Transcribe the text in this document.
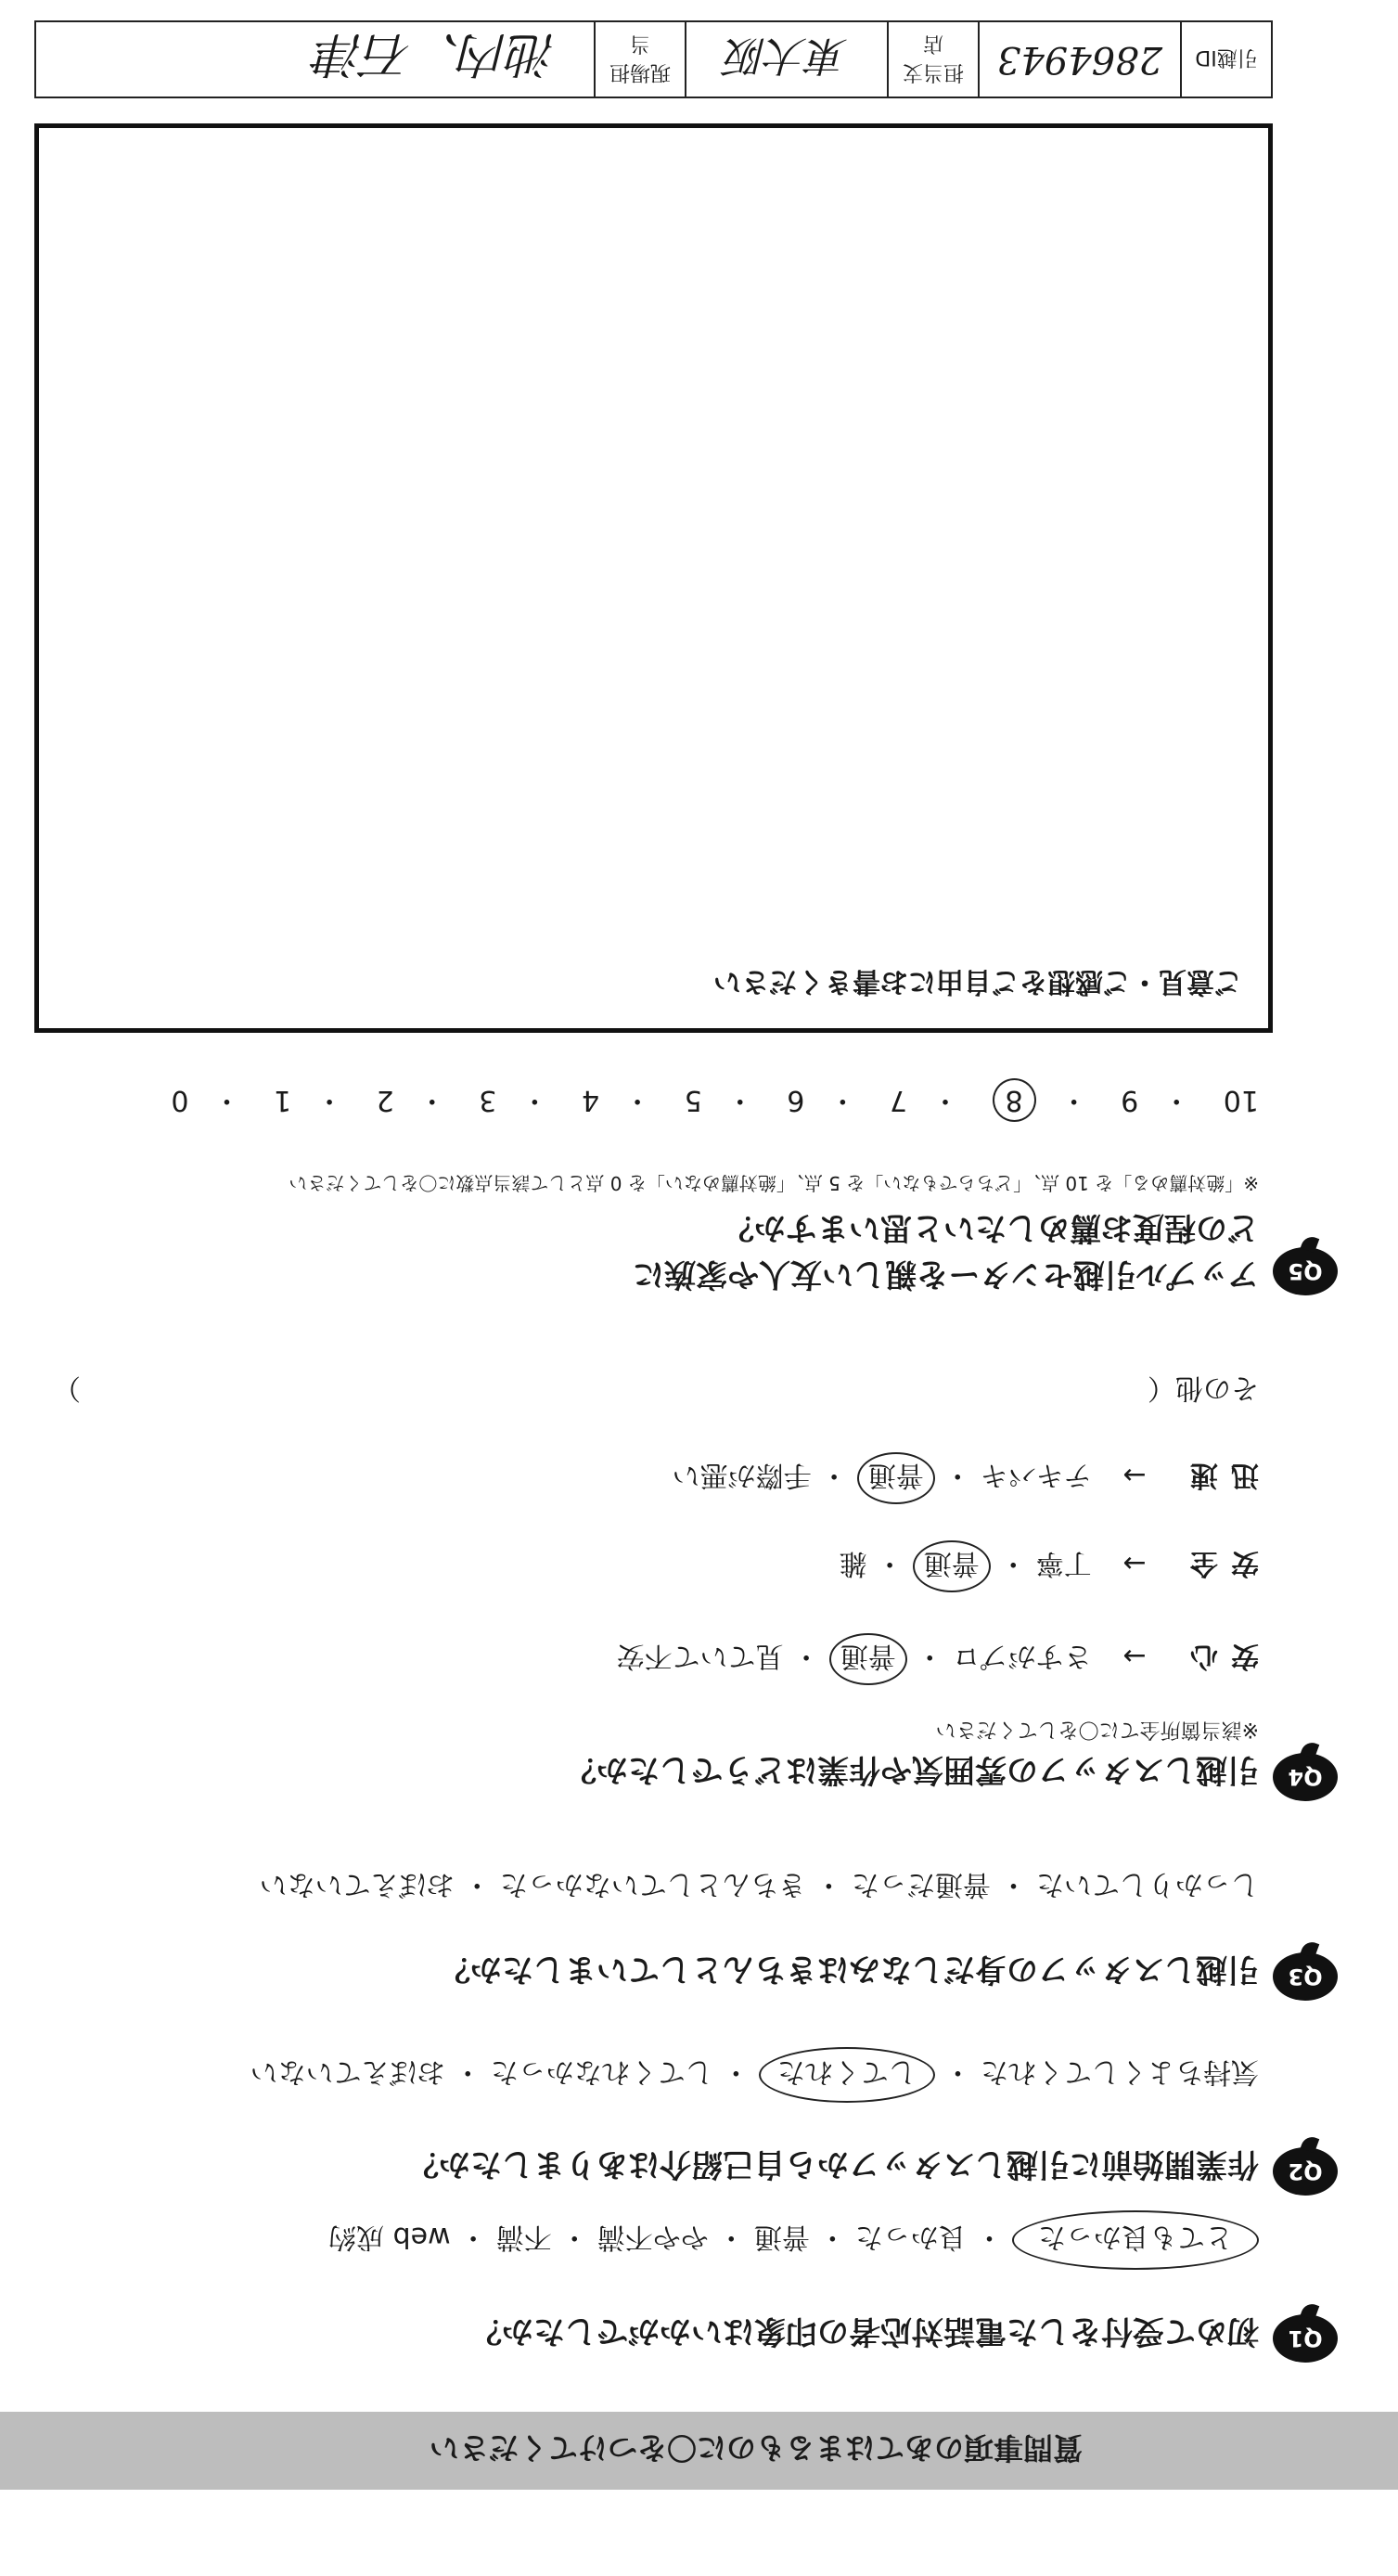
質問事項のあてはまるものに〇をつけてください
Q1
初めて受付をした電話対応者の印象はいかがでしたか？
とても良かった ・ 良かった ・ 普通 ・ やや不満 ・ 不満 ・ web 成約
Q2
作業開始前に引越しスタッフから自己紹介はありましたか？
気持ちよくしてくれた ・ してくれた ・ してくれなかった ・ おぼえていない
Q3
引越しスタッフの身だしなみはきちんとしていましたか？
しっかりしていた ・ 普通だった ・ きちんとしていなかった ・ おぼえていない
Q4
引越しスタッフの雰囲気や作業はどうでしたか？
※該当箇所全てに〇をしてください
安心 → さすがプロ ・ 普通 ・ 見ていて不安
安全 → 丁寧 ・ 普通 ・ 雑
迅速 → テキパキ ・ 普通 ・ 手際が悪い
その他（
）
Q5
アップル引越センターを親しい友人や家族に
どの程度お薦めしたいと思いますか？
※「絶対薦める」を 10 点、「どちらでもない」を 5 点、「絶対薦めない」を 0 点として該当点数に〇をしてください
10 ・9 ・8 ・7 ・6 ・5 ・4 ・3 ・2 ・1 ・0
ご意見・ご感想をご自由にお書きください
引越ID	2864943	担当支店	東大阪	現場担当	池内、石津
